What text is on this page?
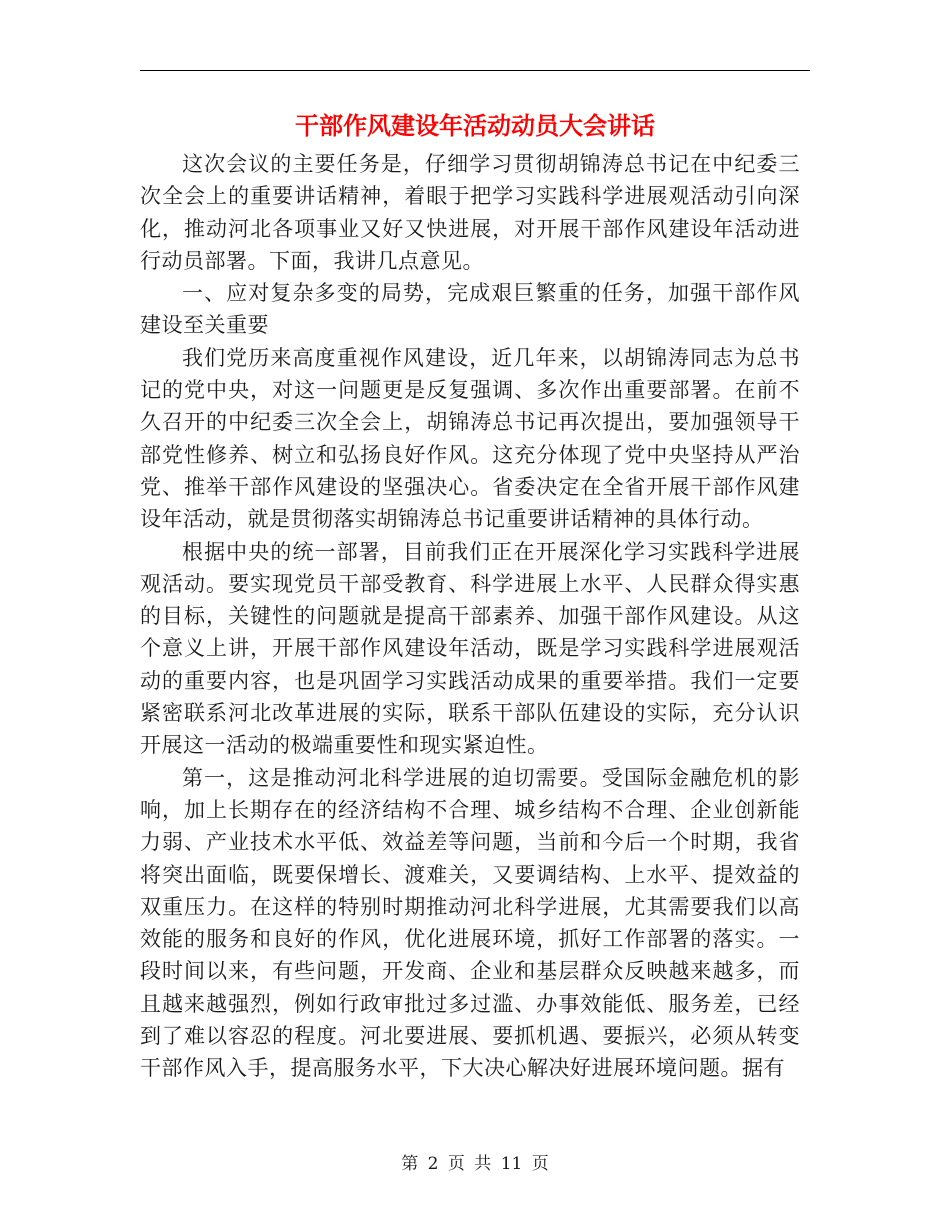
干部作风建设年活动动员大会讲话

这次会议的主要任务是，仔细学习贯彻胡锦涛总书记在中纪委三次全会上的重要讲话精神，着眼于把学习实践科学进展观活动引向深化，推动河北各项事业又好又快进展，对开展干部作风建设年活动进行动员部署。下面，我讲几点意见。

一、应对复杂多变的局势，完成艰巨繁重的任务，加强干部作风建设至关重要

我们党历来高度重视作风建设，近几年来，以胡锦涛同志为总书记的党中央，对这一问题更是反复强调、多次作出重要部署。在前不久召开的中纪委三次全会上，胡锦涛总书记再次提出，要加强领导干部党性修养、树立和弘扬良好作风。这充分体现了党中央坚持从严治党、推举干部作风建设的坚强决心。省委决定在全省开展干部作风建设年活动，就是贯彻落实胡锦涛总书记重要讲话精神的具体行动。

根据中央的统一部署，目前我们正在开展深化学习实践科学进展观活动。要实现党员干部受教育、科学进展上水平、人民群众得实惠的目标，关键性的问题就是提高干部素养、加强干部作风建设。从这个意义上讲，开展干部作风建设年活动，既是学习实践科学进展观活动的重要内容，也是巩固学习实践活动成果的重要举措。我们一定要紧密联系河北改革进展的实际，联系干部队伍建设的实际，充分认识开展这一活动的极端重要性和现实紧迫性。

第一，这是推动河北科学进展的迫切需要。受国际金融危机的影响，加上长期存在的经济结构不合理、城乡结构不合理、企业创新能力弱、产业技术水平低、效益差等问题，当前和今后一个时期，我省将突出面临，既要保增长、渡难关，又要调结构、上水平、提效益的双重压力。在这样的特别时期推动河北科学进展，尤其需要我们以高效能的服务和良好的作风，优化进展环境，抓好工作部署的落实。一段时间以来，有些问题，开发商、企业和基层群众反映越来越多，而且越来越强烈，例如行政审批过多过滥、办事效能低、服务差，已经到了难以容忍的程度。河北要进展、要抓机遇、要振兴，必须从转变干部作风入手，提高服务水平，下大决心解决好进展环境问题。据有

第 2 页 共 11 页
